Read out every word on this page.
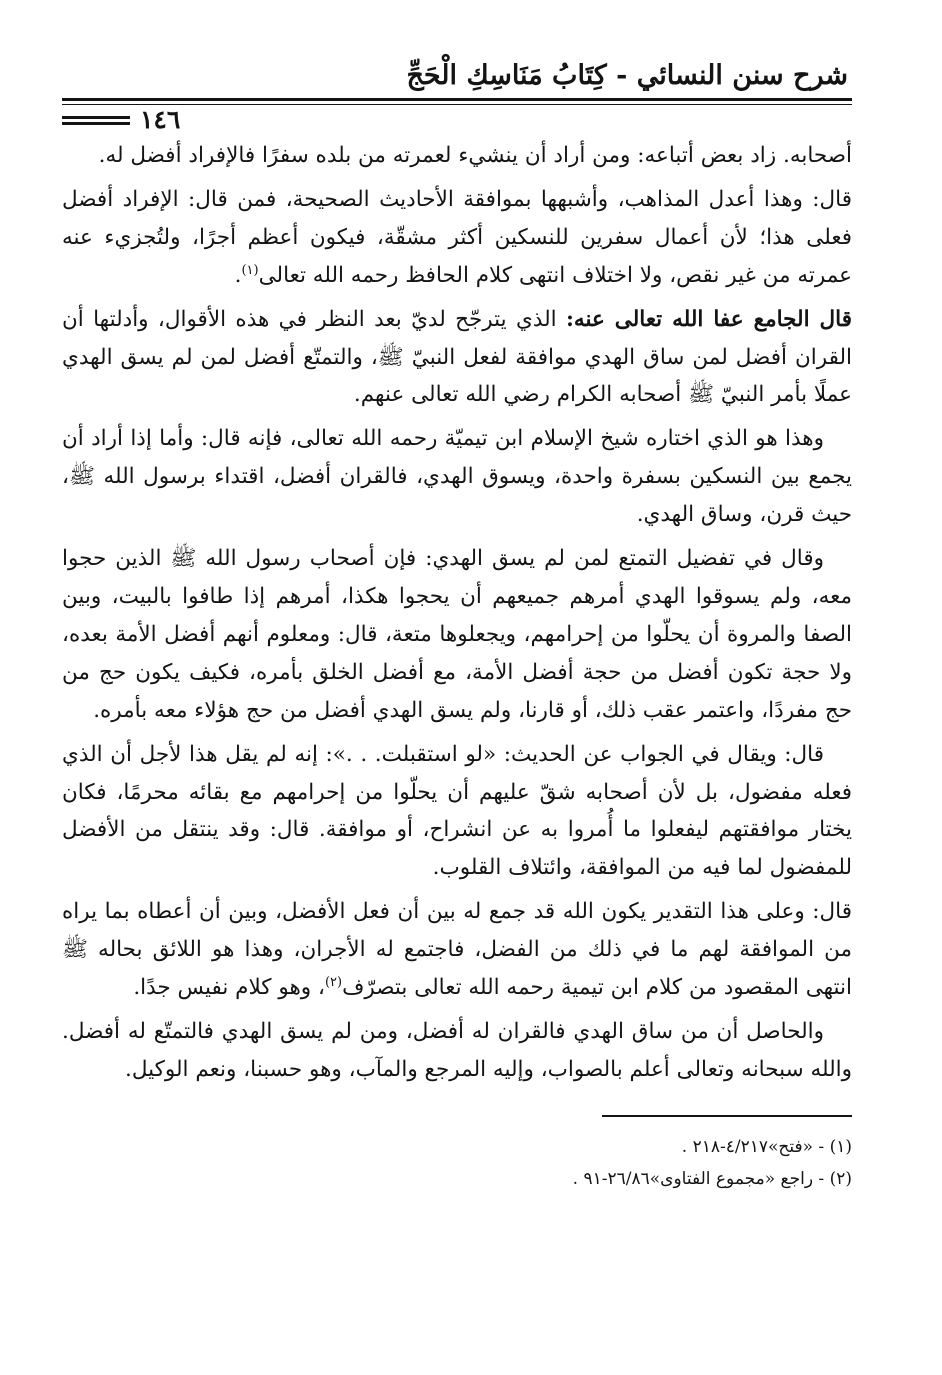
شرح سنن النسائي - كِتَابُ مَنَاسِكِ الْحَجِّ
١٤٦

أصحابه. زاد بعض أتباعه: ومن أراد أن ينشيء لعمرته من بلده سفرًا فالإفراد أفضل له.

قال: وهذا أعدل المذاهب، وأشبهها بموافقة الأحاديث الصحيحة، فمن قال: الإفراد أفضل فعلى هذا؛ لأن أعمال سفرين للنسكين أكثر مشقّة، فيكون أعظم أجرًا، ولتُجزيء عنه عمرته من غير نقص، ولا اختلاف انتهى كلام الحافظ رحمه الله تعالى$^{(١)}$.

قال الجامع عفا الله تعالى عنه: الذي يترجّح لديّ بعد النظر في هذه الأقوال، وأدلتها أن القران أفضل لمن ساق الهدي موافقة لفعل النبيّ ﷺ، والتمتّع أفضل لمن لم يسق الهدي عملًا بأمر النبيّ ﷺ أصحابه الكرام رضي الله تعالى عنهم.

وهذا هو الذي اختاره شيخ الإسلام ابن تيميّة رحمه الله تعالى، فإنه قال: وأما إذا أراد أن يجمع بين النسكين بسفرة واحدة، ويسوق الهدي، فالقران أفضل، اقتداء برسول الله ﷺ، حيث قرن، وساق الهدي.

وقال في تفضيل التمتع لمن لم يسق الهدي: فإن أصحاب رسول الله ﷺ الذين حجوا معه، ولم يسوقوا الهدي أمرهم جميعهم أن يحجوا هكذا، أمرهم إذا طافوا بالبيت، وبين الصفا والمروة أن يحلّوا من إحرامهم، ويجعلوها متعة، قال: ومعلوم أنهم أفضل الأمة بعده، ولا حجة تكون أفضل من حجة أفضل الأمة، مع أفضل الخلق بأمره، فكيف يكون حج من حج مفردًا، واعتمر عقب ذلك، أو قارنا، ولم يسق الهدي أفضل من حج هؤلاء معه بأمره.

قال: ويقال في الجواب عن الحديث: «لو استقبلت. . .»: إنه لم يقل هذا لأجل أن الذي فعله مفضول، بل لأن أصحابه شقّ عليهم أن يحلّوا من إحرامهم مع بقائه محرمًا، فكان يختار موافقتهم ليفعلوا ما أُمروا به عن انشراح، أو موافقة. قال: وقد ينتقل من الأفضل للمفضول لما فيه من الموافقة، وائتلاف القلوب.

قال: وعلى هذا التقدير يكون الله قد جمع له بين أن فعل الأفضل، وبين أن أعطاه بما يراه من الموافقة لهم ما في ذلك من الفضل، فاجتمع له الأجران، وهذا هو اللائق بحاله ﷺ انتهى المقصود من كلام ابن تيمية رحمه الله تعالى بتصرّف$^{(٢)}$، وهو كلام نفيس جدًا.

والحاصل أن من ساق الهدي فالقران له أفضل، ومن لم يسق الهدي فالتمتّع له أفضل. والله سبحانه وتعالى أعلم بالصواب، وإليه المرجع والمآب، وهو حسبنا، ونعم الوكيل.

(١) - «فتح»٤/٢١٧-٢١٨ .

(٢) - راجع «مجموع الفتاوى»٢٦/٨٦-٩١ .
